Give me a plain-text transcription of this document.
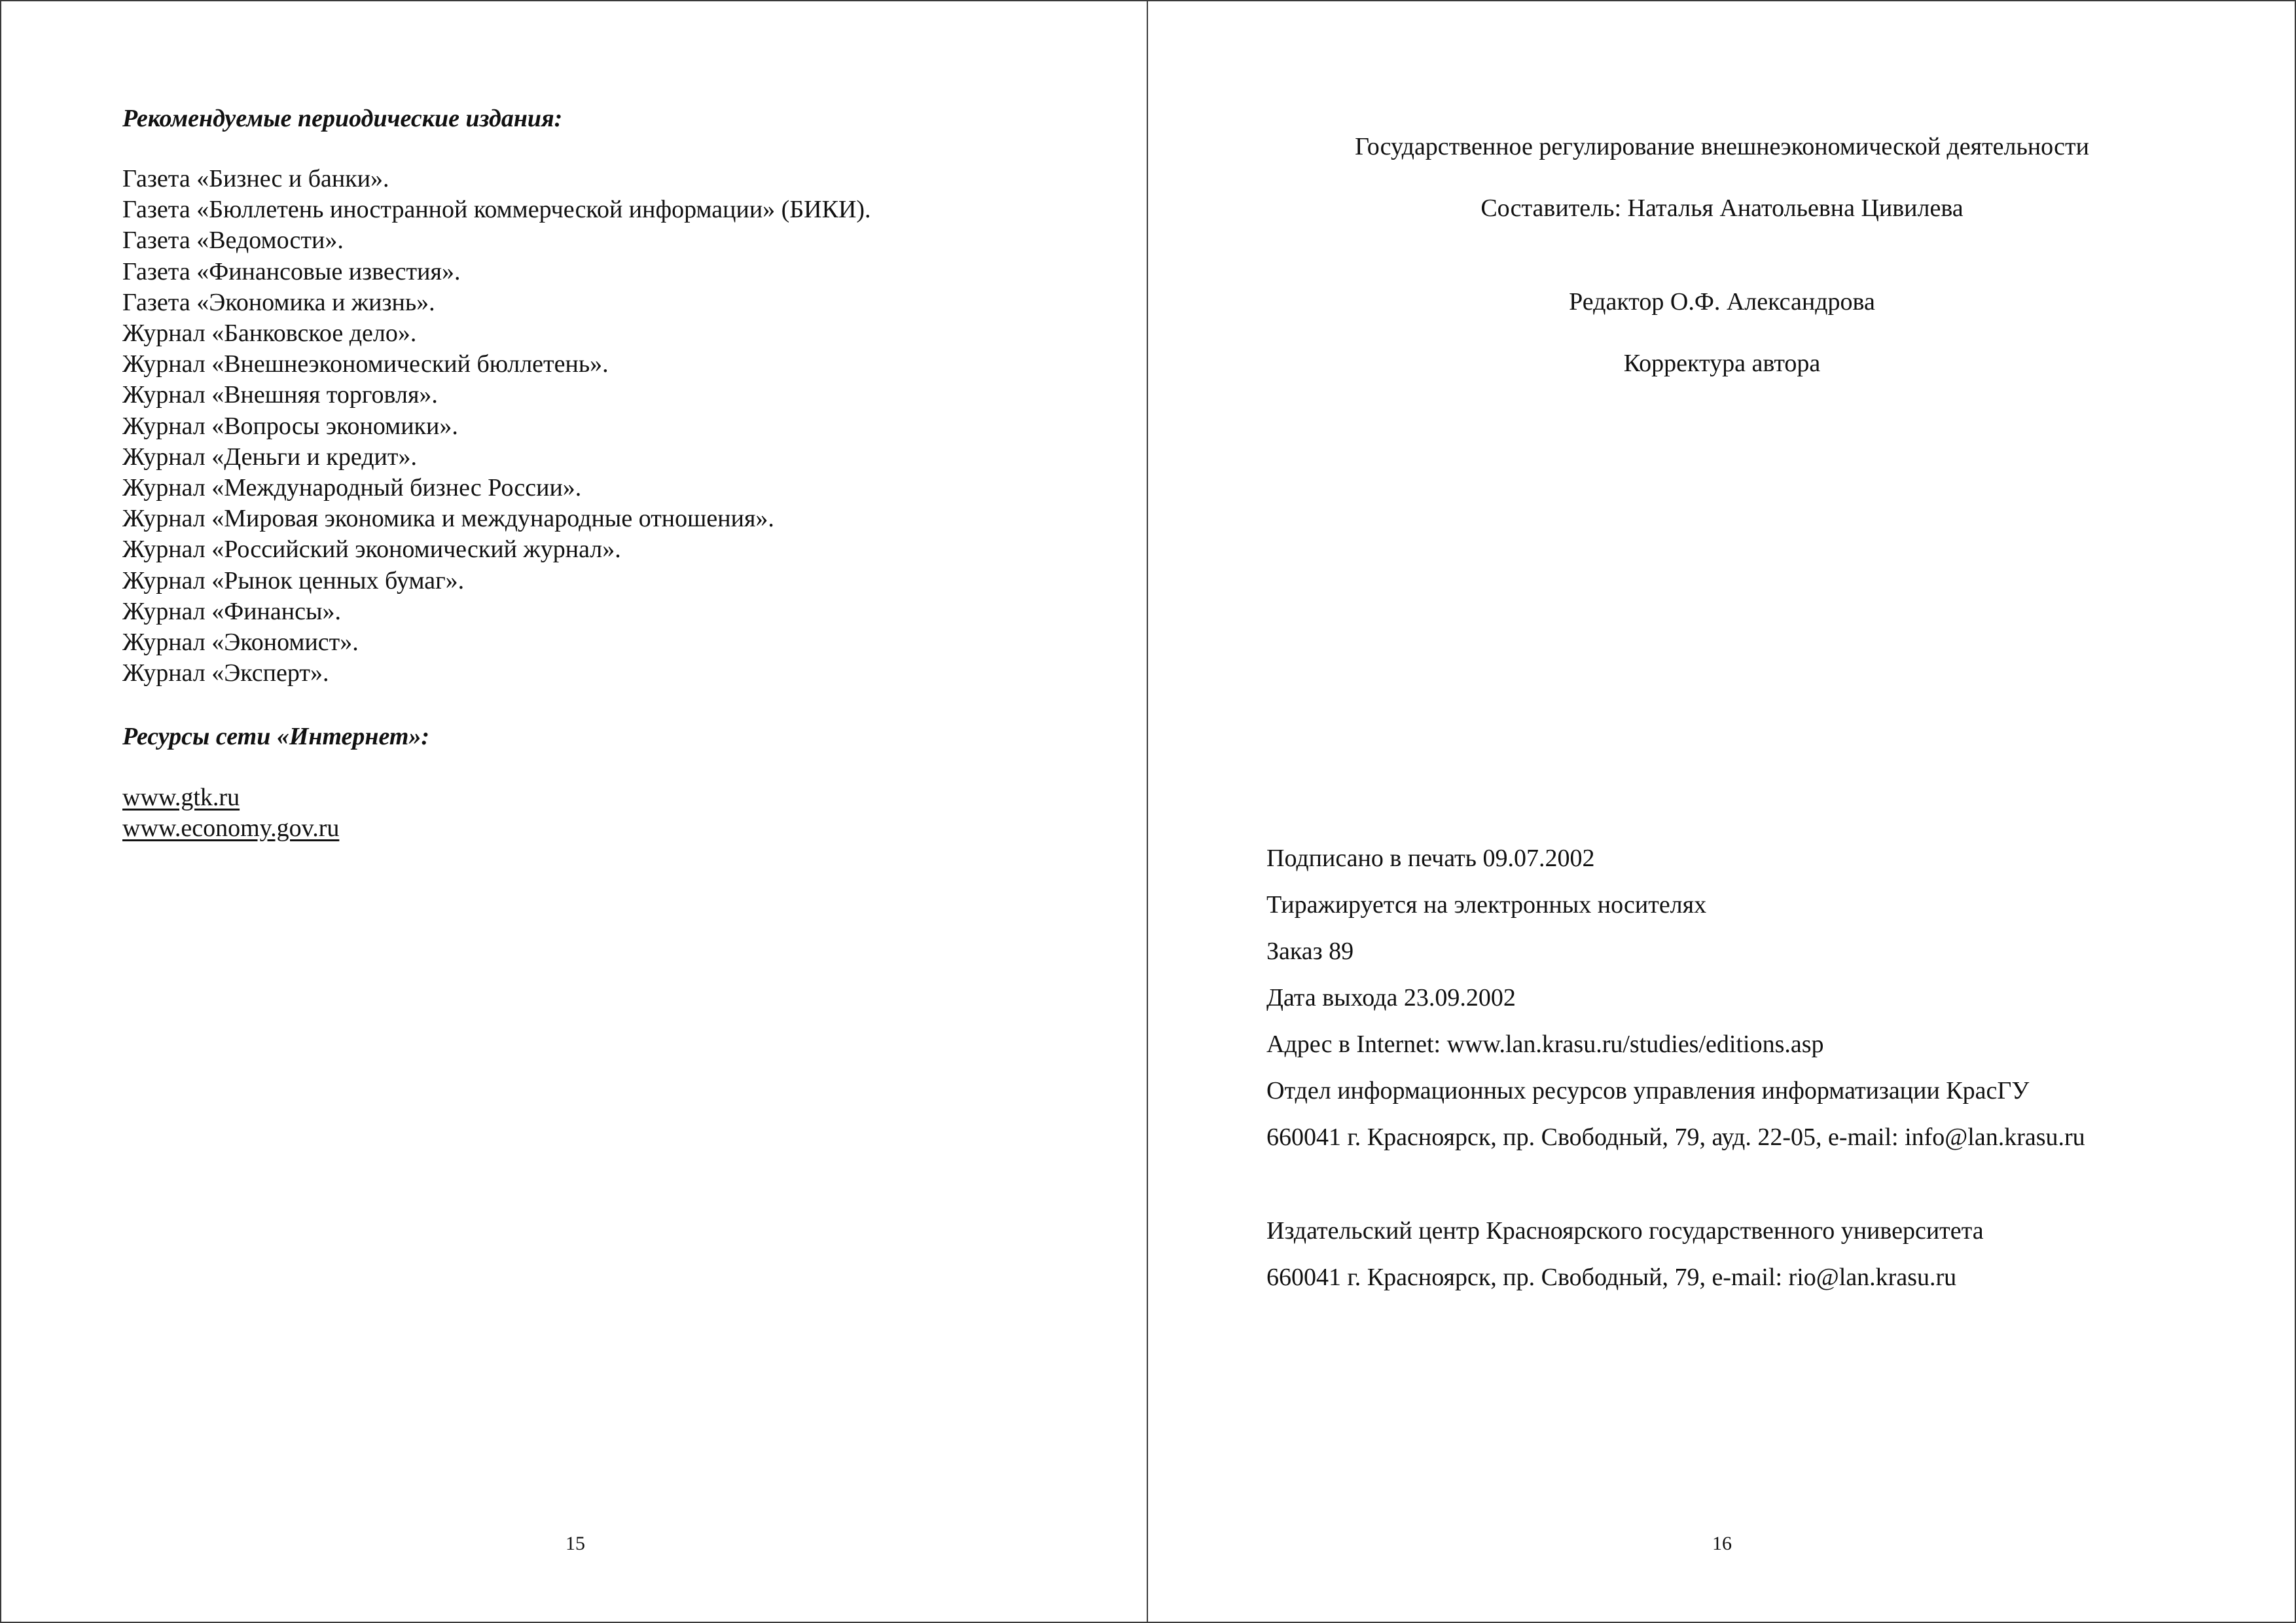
Рекомендуемые периодические издания:

Газета «Бизнес и банки».
Газета «Бюллетень иностранной коммерческой информации» (БИКИ).
Газета «Ведомости».
Газета «Финансовые известия».
Газета «Экономика и жизнь».
Журнал «Банковское дело».
Журнал «Внешнеэкономический бюллетень».
Журнал «Внешняя торговля».
Журнал «Вопросы экономики».
Журнал «Деньги и кредит».
Журнал «Международный бизнес России».
Журнал «Мировая экономика и международные отношения».
Журнал «Российский экономический журнал».
Журнал «Рынок ценных бумаг».
Журнал «Финансы».
Журнал «Экономист».
Журнал «Эксперт».

Ресурсы сети «Интернет»:

www.gtk.ru
www.economy.gov.ru
15
Государственное регулирование внешнеэкономической деятельности
Составитель: Наталья Анатольевна Цивилева
Редактор О.Ф. Александрова
Корректура автора
Подписано в печать 09.07.2002
Тиражируется на электронных носителях
Заказ 89
Дата выхода 23.09.2002
Адрес в Internet: www.lan.krasu.ru/studies/editions.asp
Отдел информационных ресурсов управления информатизации КрасГУ
660041 г. Красноярск, пр. Свободный, 79, ауд. 22-05, e-mail: info@lan.krasu.ru
Издательский центр Красноярского государственного университета
660041 г. Красноярск, пр. Свободный, 79, e-mail: rio@lan.krasu.ru
16
